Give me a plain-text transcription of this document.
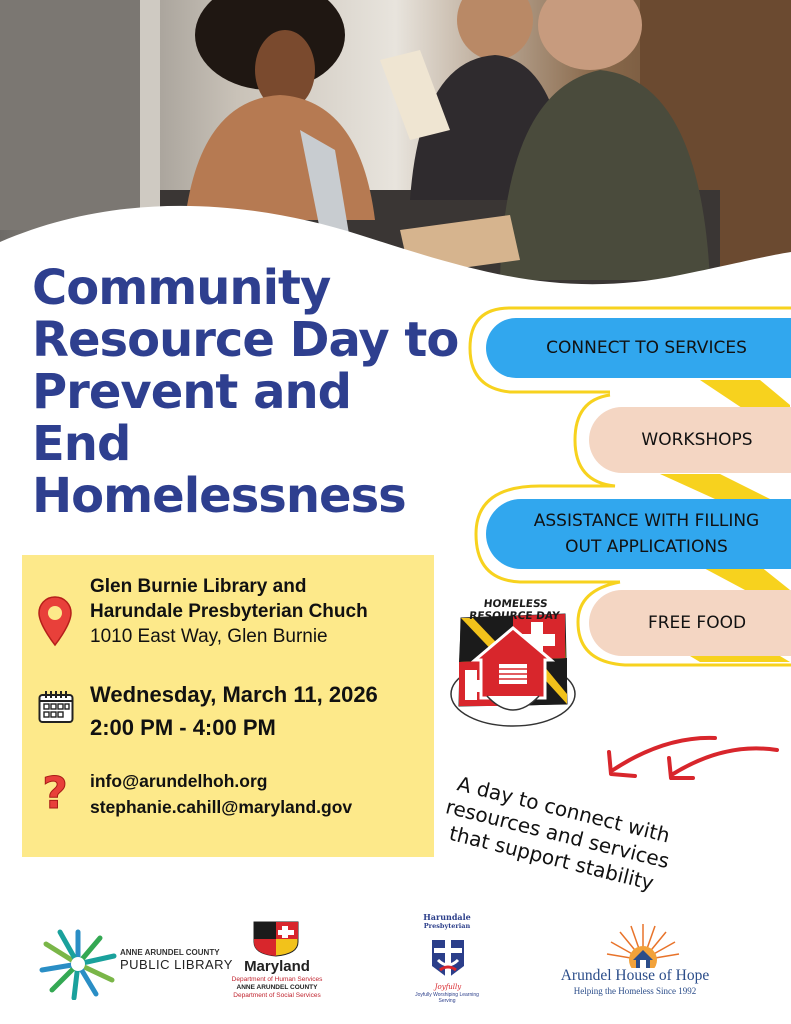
Community Resource Day to Prevent and End Homelessness
Glen Burnie Library and
Harundale Presbyterian Chuch
1010 East Way, Glen Burnie
Wednesday, March 11, 2026
2:00 PM - 4:00 PM
? info@arundelhoh.org
stephanie.cahill@maryland.gov
CONNECT TO SERVICES
WORKSHOPS
ASSISTANCE WITH FILLING OUT APPLICATIONS
FREE FOOD
HOMELESS RESOURCE DAY
A day to connect with resources and services that support stability
ANNE ARUNDEL COUNTY
PUBLIC LIBRARY Maryland
Department of Human Services
ANNE ARUNDEL COUNTY
Department of Social Services
Harundale
Presbyterian
Joyfully
Joyfully Worshiping Learning Serving
Arundel House of Hope
Helping the Homeless Since 1992
